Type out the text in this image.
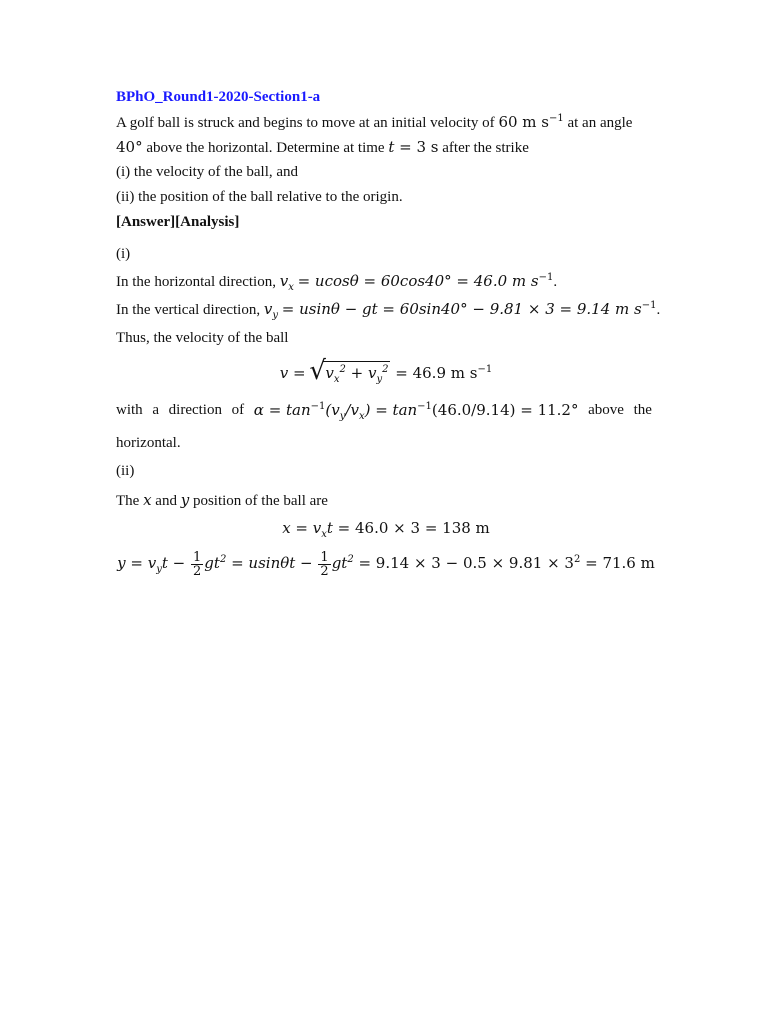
BPhO_Round1-2020-Section1-a
A golf ball is struck and begins to move at an initial velocity of 60 m $s^{-1}$ at an angle
40° above the horizontal. Determine at time t = 3 s after the strike
(i) the velocity of the ball, and
(ii) the position of the ball relative to the origin.
[Answer][Analysis]
(i)
In the horizontal direction, $v_x = ucos\theta = 60\cos 40^\circ = 46.0$ m $s^{-1}$.
In the vertical direction, $v_y = usin\theta$ − gt = 60sin40° − 9.81 × 3 = 9.14 m $s^{-1}$.
Thus, the velocity of the ball
v = √ $v_x^2 + v_y^2 = 46.9$ m $s^{-1}$
with a direction of $\alpha = \tan^{-1}(v_y/v_x) = \tan^{-1}(46.0/9.14) = 11.2^\circ$ above the
horizontal.
(ii)
The x and y position of the ball are
$x = v_xt = 46.0 \times 3 = 138$ m
$y = v_yt - \frac{1}{2} gt^2 = usin\theta t - \frac{1}{2} gt^2 = 9.14 \times 3 - 0.5 \times 9.81 \times 3^2 = 71.6$ m
